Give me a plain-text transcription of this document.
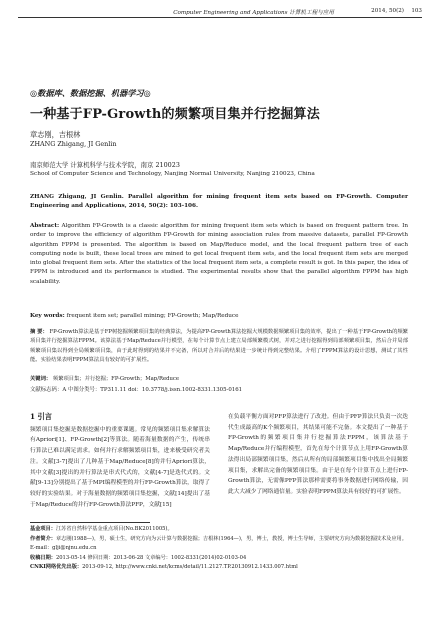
Computer Engineering and Applications 计算机工程与应用	2014, 50(2) 103
◎数据库、数据挖掘、机器学习◎
一种基于FP-Growth的频繁项目集并行挖掘算法
章志刚，吉根林
ZHANG Zhigang, JI Genlin
南京师范大学 计算机科学与技术学院，南京 210023
School of Computer Science and Technology, Nanjing Normal University, Nanjing 210023, China
ZHANG Zhigang, JI Genlin. Parallel algorithm for mining frequent item sets based on FP-Growth. Computer Engineering and Applications, 2014, 50(2): 103-106.
Abstract: Algorithm FP-Growth is a classic algorithm for mining frequent item sets which is based on frequent pattern tree. In order to improve the efficiency of algorithm FP-Growth for mining association rules from massive datasets, parallel FP-Growth algorithm FPPM is presented. The algorithm is based on Map/Reduce model, and the local frequent pattern tree of each computing node is built, these local trees are mined to get local frequent item sets, and the local frequent item sets are merged into global frequent item sets. After the statistics of the local frequent item sets, a complete result is got. In this paper, the idea of FPPM is introduced and its performance is studied. The experimental results show that the parallel algorithm FPPM has high scalability.
Key words: frequent item set; parallel mining; FP-Growth; Map/Reduce
摘 要： FP-Growth算法是基于FP树挖掘频繁项目集的经典算法，为提高FP-Growth算法挖掘大规模数据频繁项目集的效率，提出了一种基于FP-Growth的频繁项目集并行挖掘算法FPPM。该算法基于Map/Reduce并行模型，在每个计算节点上建立局部频繁模式树，并对之进行挖掘得到局部频繁项目集，然后合并局部频繁项目集以得到全局频繁项目集，由于此时得到的结果并不完备，所以对合并后的结果进一步统计得到完整结果。介绍了FPPM算法的设计思想，测试了其性能。实验结果表明FPPM算法具有较好的可扩展性。
关键词： 频繁项目集；并行挖掘；FP-Growth；Map/Reduce
文献标志码：A 中图分类号：TP311.11 doi：10.3778/j.issn.1002-8331.1305-0161
1 引言
频繁项目集挖掘是数据挖掘中的重要课题。常见的频繁项目集求解算法有Apriori[1]、FP-Growth[2]等算法。随着海量数据的产生，传统串行算法已难以满足需求。如何并行求解频繁项目集，进来极受研究者关注。文献[3-7]提出了几种基于Map/Reduce[8]的并行Apriori算法，其中文献[3]提出的并行算法是串式代式的，文献[4-7]是迭代式的。文献[9-13]分别提出了基于MPI编程模型的并行FP-Growth算法，取得了较好的实验结果。对于海量数据的频繁项目集挖掘，文献[14]提出了基于Map/Reduce的并行FP-Growth算法PFP，文献[15]
在负载平衡方面对PFP算法进行了改进。但由于PFP算法只负责一次迭代生成最高的K个频繁项目，其结果可能不完备。本文提出了一种基于FP-Growth的频繁项目集并行挖掘算法FPPM，该算法基于Map/Reduce并行编程模型，首先在每个计算节点上用FP-Growth算法得出局部频繁项目集，然后从所有的局部频繁项目集中找出全局频繁项目集，求解出完备的频繁项目集。由于是在每个计算节点上进行FP-Growth算法，无需像PFP算法那样需要将事务数据进行网络传输，因此大大减少了网络通信量。实验表明FPPM算法具有较好的可扩展性。
基金项目：江苏省自然科学基金重点项目(No.BK2011005)。
作者简介：章志刚(1988—)，男，硕士生，研究方向为云计算与数据挖掘；吉根林(1964—)，男，博士，教授，博士生导师，主要研究方向为数据挖掘技术及应用。E-mail：glji@njnu.edu.cn
收稿日期：2013-05-14 修回日期：2013-06-28 文章编号：1002-8331(2014)02-0103-04
CNKI网络优先出版：2013-09-12, http://www.cnki.net/kcms/detail/11.2127.TP.20130912.1433.007.html
